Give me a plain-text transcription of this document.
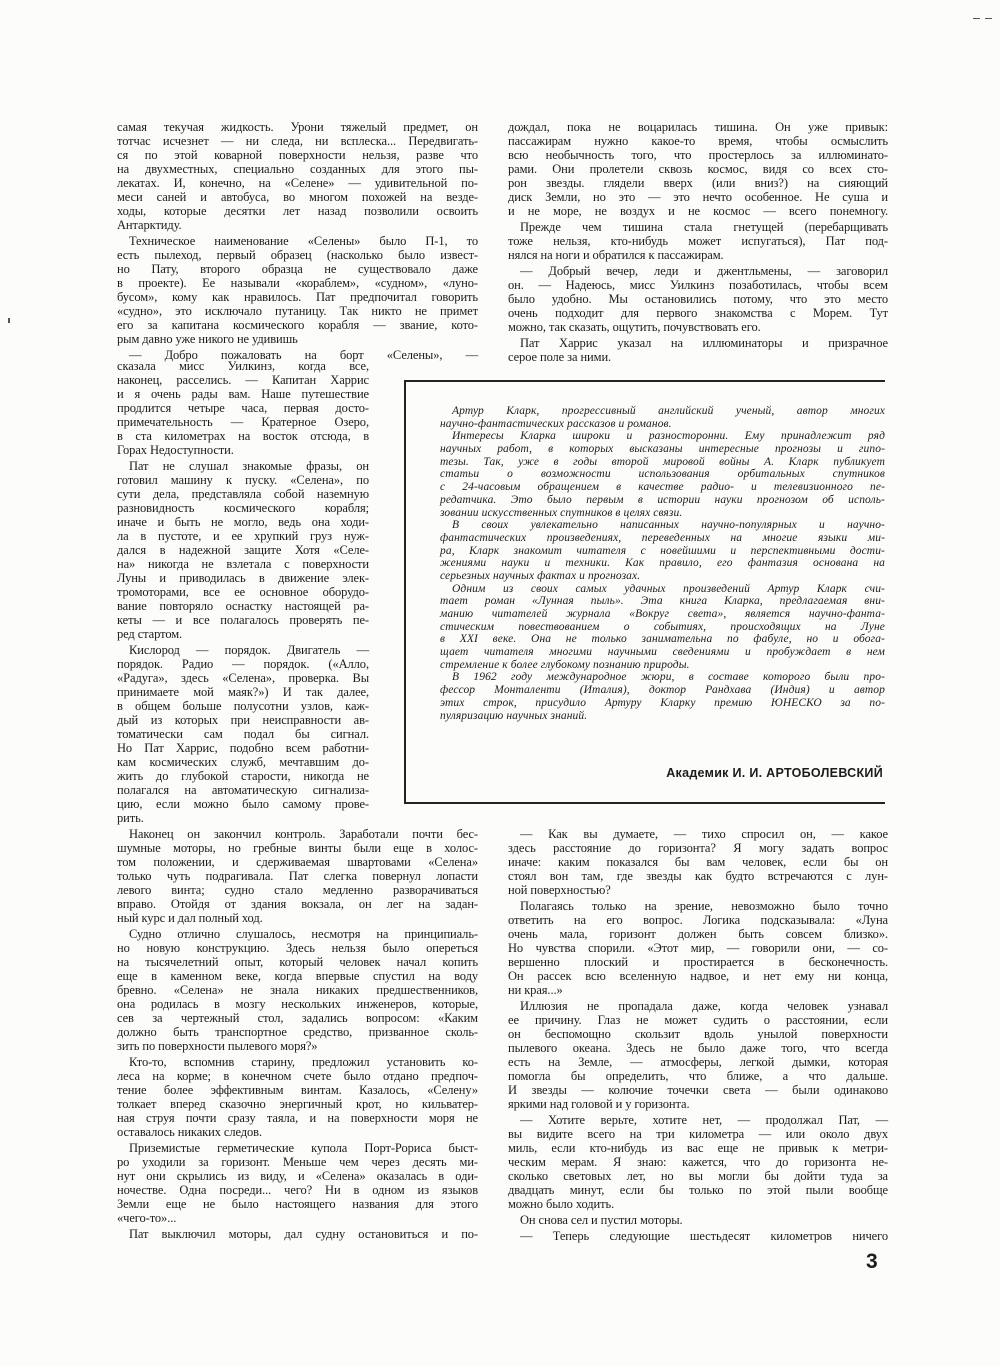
самая текучая жидкость. Урони тяжелый предмет, он
тотчас исчезнет — ни следа, ни всплеска... Передвигать-
ся по этой коварной поверхности нельзя, разве что
на двухместных, специально созданных для этого пы-
лекатах. И, конечно, на «Селене» — удивительной по-
меси саней и автобуса, во многом похожей на везде-
ходы, которые десятки лет назад позволили освоить
Антарктиду.
Техническое наименование «Селены» было П-1, то
есть пылеход, первый образец (насколько было извест-
но Пату, второго образца не существовало даже
в проекте). Ее называли «кораблем», «судном», «луно-
бусом», кому как нравилось. Пат предпочитал говорить
«судно», это исключало путаницу. Так никто не примет
его за капитана космического корабля — звание, кото-
рым давно уже никого не удивишь
— Добро пожаловать на борт «Селены», —
сказала мисс Уилкинз, когда все,
наконец, расселись. — Капитан Харрис
и я очень рады вам. Наше путешествие
продлится четыре часа, первая досто-
примечательность — Кратерное Озеро,
в ста километрах на восток отсюда, в
Горах Недоступности.
Пат не слушал знакомые фразы, он
готовил машину к пуску. «Селена», по
сути дела, представляла собой наземную
разновидность космического корабля;
иначе и быть не могло, ведь она ходи-
ла в пустоте, и ее хрупкий груз нуж-
дался в надежной защите Хотя «Селе-
на» никогда не взлетала с поверхности
Луны и приводилась в движение элек-
тромоторами, все ее основное оборудо-
вание повторяло оснастку настоящей ра-
кеты — и все полагалось проверять пе-
ред стартом.
Кислород — порядок. Двигатель —
порядок. Радио — порядок. («Алло,
«Радуга», здесь «Селена», проверка. Вы
принимаете мой маяк?») И так далее,
в общем больше полусотни узлов, каж-
дый из которых при неисправности ав-
томатически сам подал бы сигнал.
Но Пат Харрис, подобно всем работни-
кам космических служб, мечтавшим до-
жить до глубокой старости, никогда не
полагался на автоматическую сигнализа-
цию, если можно было самому прове-
рить.
дождал, пока не воцарилась тишина. Он уже привык:
пассажирам нужно какое-то время, чтобы осмыслить
всю необычность того, что простерлось за иллюминато-
рами. Они пролетели сквозь космос, видя со всех сто-
рон звезды. глядели вверх (или вниз?) на сияющий
диск Земли, но это — это нечто особенное. Не суша и
и не море, не воздух и не космос — всего понемногу.
Прежде чем тишина стала гнетущей (перебарщивать
тоже нельзя, кто-нибудь может испугаться), Пат под-
нялся на ноги и обратился к пассажирам.
— Добрый вечер, леди и джентльмены, — заговорил
он. — Надеюсь, мисс Уилкинз позаботилась, чтобы всем
было удобно. Мы остановились потому, что это место
очень подходит для первого знакомства с Морем. Тут
можно, так сказать, ощутить, почувствовать его.
Пат Харрис указал на иллюминаторы и призрачное
серое поле за ними.
Артур Кларк, прогрессивный английский ученый, автор многих
научно-фантастических рассказов и романов.
Интересы Кларка широки и разносторонни. Ему принадлежит ряд
научных работ, в которых высказаны интересные прогнозы и гипо-
тезы. Так, уже в годы второй мировой войны А. Кларк публикует
статьи о возможности использования орбитальных спутников
с 24-часовым обращением в качестве радио- и телевизионного пе-
редатчика. Это было первым в истории науки прогнозом об исполь-
зовании искусственных спутников в целях связи.
В своих увлекательно написанных научно-популярных и научно-
фантастических произведениях, переведенных на многие языки ми-
ра, Кларк знакомит читателя с новейшими и перспективными дости-
жениями науки и техники. Как правило, его фантазия основана на
серьезных научных фактах и прогнозах.
Одним из своих самых удачных произведений Артур Кларк счи-
тает роман «Лунная пыль». Эта книга Кларка, предлагаемая вни-
манию читателей журнала «Вокруг света», является научно-фанта-
стическим повествованием о событиях, происходящих на Луне
в XXI веке. Она не только занимательна по фабуле, но и обога-
щает читателя многими научными сведениями и пробуждает в нем
стремление к более глубокому познанию природы.
В 1962 году международное жюри, в составе которого были про-
фессор Монталенти (Италия), доктор Рандхава (Индия) и автор
этих строк, присудило Артуру Кларку премию ЮНЕСКО за по-
пуляризацию научных знаний.
Академик И. И. АРТОБОЛЕВСКИЙ
Наконец он закончил контроль. Заработали почти бес-
шумные моторы, но гребные винты были еще в холос-
том положении, и сдерживаемая швартовами «Селена»
только чуть подрагивала. Пат слегка повернул лопасти
левого винта; судно стало медленно разворачиваться
вправо. Отойдя от здания вокзала, он лег на задан-
ный курс и дал полный ход.
Судно отлично слушалось, несмотря на принципиаль-
но новую конструкцию. Здесь нельзя было опереться
на тысячелетний опыт, который человек начал копить
еще в каменном веке, когда впервые спустил на воду
бревно. «Селена» не знала никаких предшественников,
она родилась в мозгу нескольких инженеров, которые,
сев за чертежный стол, задались вопросом: «Каким
должно быть транспортное средство, призванное сколь-
зить по поверхности пылевого моря?»
Кто-то, вспомнив старину, предложил установить ко-
леса на корме; в конечном счете было отдано предпоч-
тение более эффективным винтам. Казалось, «Селену»
толкает вперед сказочно энергичный крот, но кильватер-
ная струя почти сразу таяла, и на поверхности моря не
оставалось никаких следов.
Приземистые герметические купола Порт-Рориса быст-
ро уходили за горизонт. Меньше чем через десять ми-
нут они скрылись из виду, и «Селена» оказалась в оди-
ночестве. Одна посреди... чего? Ни в одном из языков
Земли еще не было настоящего названия для этого
«чего-то»...
Пат выключил моторы, дал судну остановиться и по-
— Как вы думаете, — тихо спросил он, — какое
здесь расстояние до горизонта? Я могу задать вопрос
иначе: каким показался бы вам человек, если бы он
стоял вон там, где звезды как будто встречаются с лун-
ной поверхностью?
Полагаясь только на зрение, невозможно было точно
ответить на его вопрос. Логика подсказывала: «Луна
очень мала, горизонт должен быть совсем близко».
Но чувства спорили. «Этот мир, — говорили они, — со-
вершенно плоский и простирается в бесконечность.
Он рассек всю вселенную надвое, и нет ему ни конца,
ни края...»
Иллюзия не пропадала даже, когда человек узнавал
ее причину. Глаз не может судить о расстоянии, если
он беспомощно скользит вдоль унылой поверхности
пылевого океана. Здесь не было даже того, что всегда
есть на Земле, — атмосферы, легкой дымки, которая
помогла бы определить, что ближе, а что дальше.
И звезды — колючие точечки света — были одинаково
яркими над головой и у горизонта.
— Хотите верьте, хотите нет, — продолжал Пат, —
вы видите всего на три километра — или около двух
миль, если кто-нибудь из вас еще не привык к метри-
ческим мерам. Я знаю: кажется, что до горизонта не-
сколько световых лет, но вы могли бы дойти туда за
двадцать минут, если бы только по этой пыли вообще
можно было ходить.
Он снова сел и пустил моторы.
— Теперь следующие шестьдесят километров ничего
3
